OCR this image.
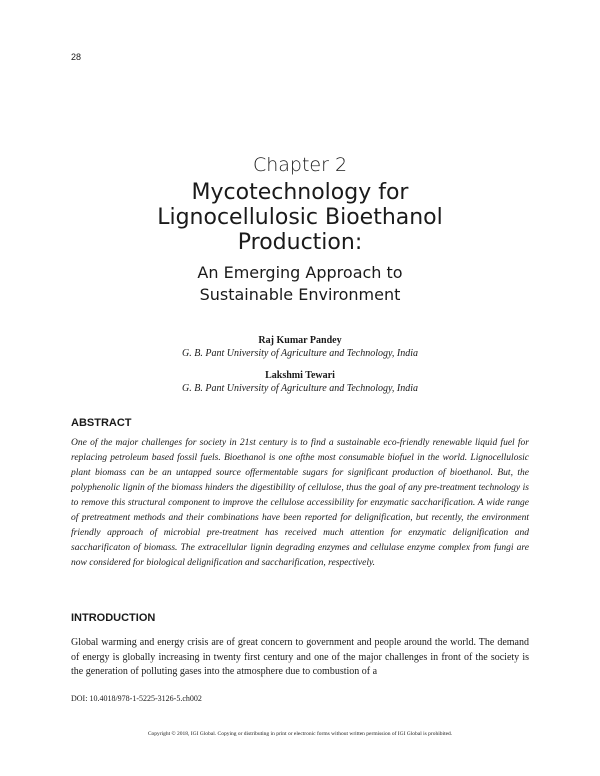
28
Chapter 2
Mycotechnology for
Lignocellulosic Bioethanol
Production:
An Emerging Approach to
Sustainable Environment
Raj Kumar Pandey
G. B. Pant University of Agriculture and Technology, India
Lakshmi Tewari
G. B. Pant University of Agriculture and Technology, India
ABSTRACT

One of the major challenges for society in 21st century is to find a sustainable eco-friendly renewable liquid fuel for replacing petroleum based fossil fuels. Bioethanol is one ofthe most consumable biofuel in the world. Lignocellulosic plant biomass can be an untapped source offermentable sugars for significant production of bioethanol. But, the polyphenolic lignin of the biomass hinders the digestibility of cellulose, thus the goal of any pre-treatment technology is to remove this structural component to improve the cellulose accessibility for enzymatic saccharification. A wide range of pretreatment methods and their combinations have been reported for delignification, but recently, the environment friendly approach of microbial pre-treatment has received much attention for enzymatic delignification and saccharificaton of biomass. The extracellular lignin degrading enzymes and cellulase enzyme complex from fungi are now considered for biological delignification and saccharification, respectively.

INTRODUCTION

Global warming and energy crisis are of great concern to government and people around the world. The demand of energy is globally increasing in twenty first century and one of the major challenges in front of the society is the generation of polluting gases into the atmosphere due to combustion of a

DOI: 10.4018/978-1-5225-3126-5.ch002
Copyright © 2018, IGI Global. Copying or distributing in print or electronic forms without written permission of IGI Global is prohibited.
